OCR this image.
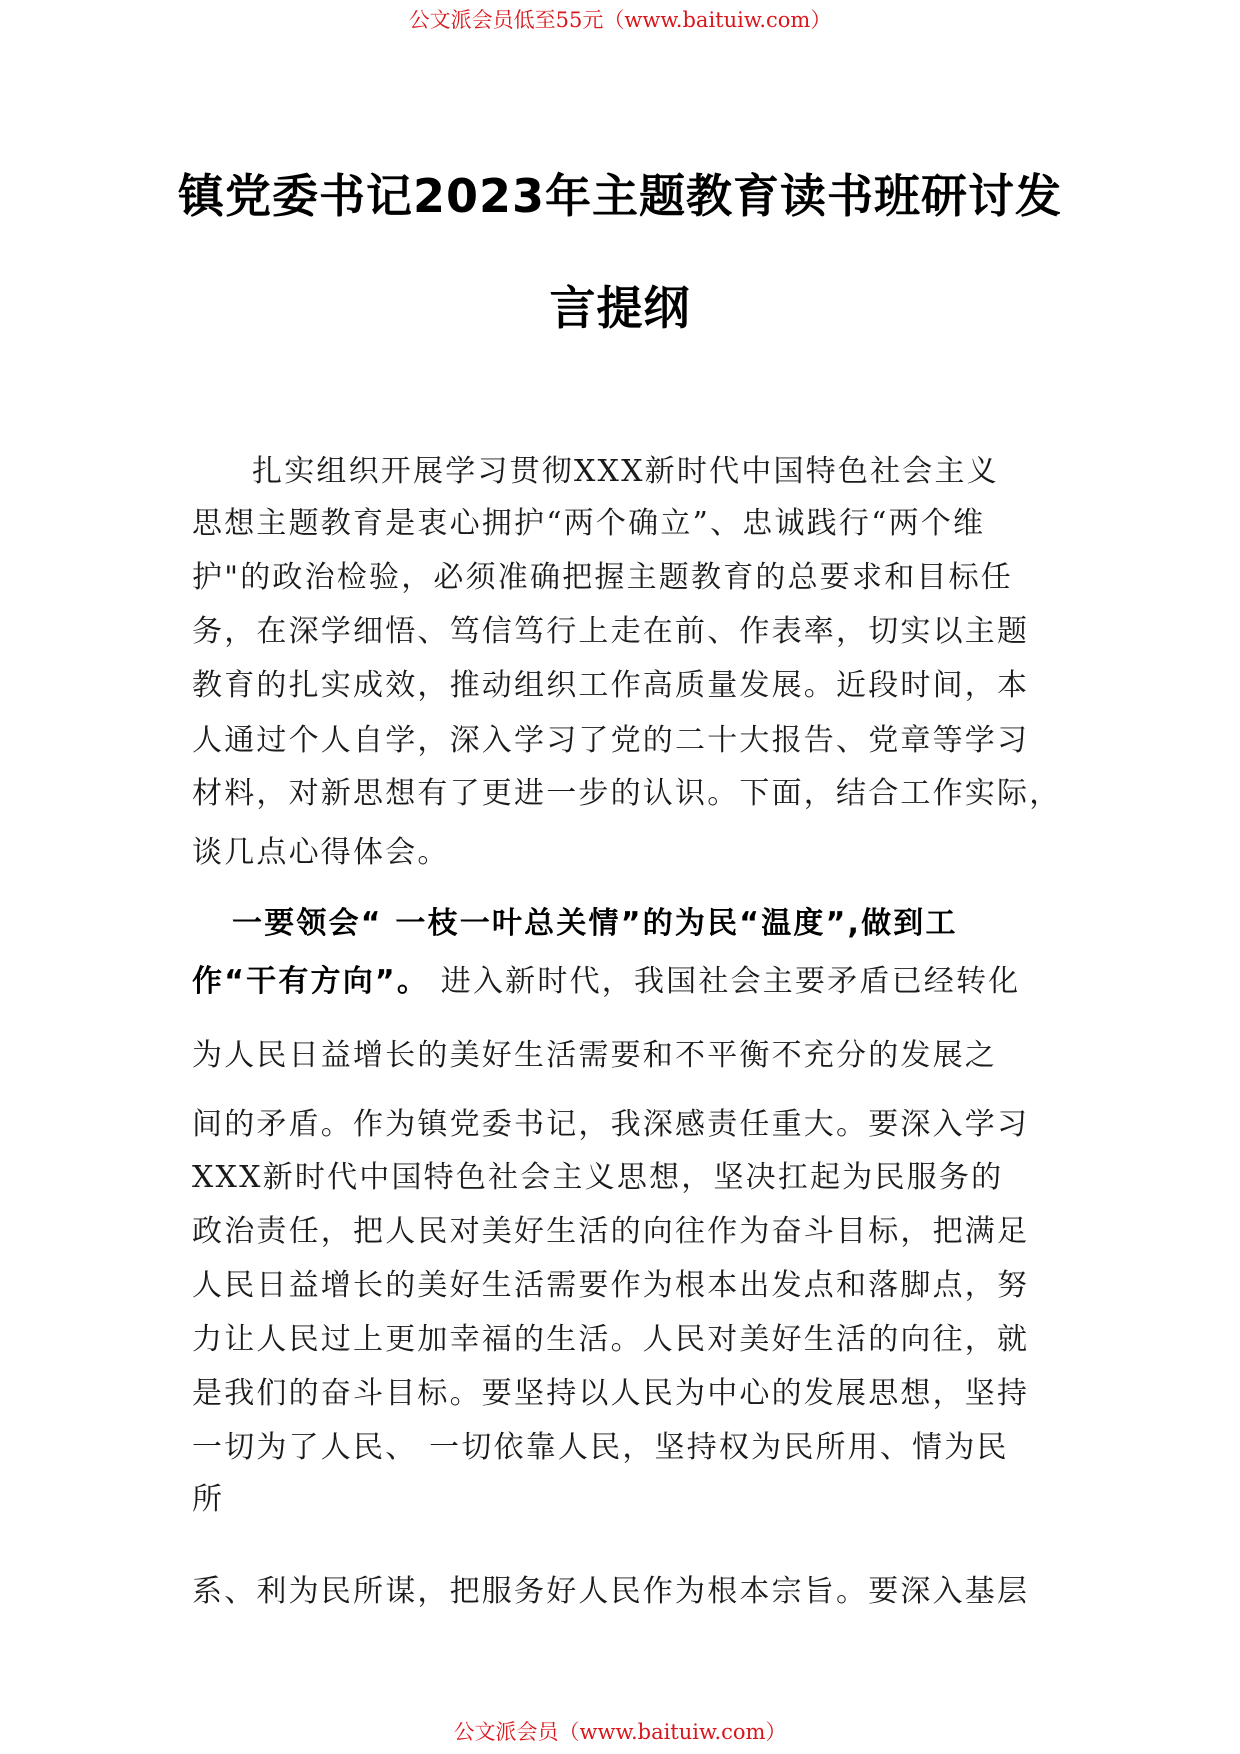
公文派会员低至55元（www.baituiw.com）
镇党委书记2023年主题教育读书班研讨发
言提纲
扎实组织开展学习贯彻XXX新时代中国特色社会主义
思想主题教育是衷心拥护“两个确立”、忠诚践行“两个维
护"的政治检验，必须准确把握主题教育的总要求和目标任
务，在深学细悟、笃信笃行上走在前、作表率，切实以主题
教育的扎实成效，推动组织工作高质量发展。近段时间，本
人通过个人自学，深入学习了党的二十大报告、党章等学习
材料，对新思想有了更进一步的认识。下面，结合工作实际，
谈几点心得体会。
一要领会“ 一枝一叶总关情”的为民“温度”,做到工
作“干有方向”。 进入新时代，我国社会主要矛盾已经转化
为人民日益增长的美好生活需要和不平衡不充分的发展之
间的矛盾。作为镇党委书记，我深感责任重大。要深入学习
XXX新时代中国特色社会主义思想，坚决扛起为民服务的
政治责任，把人民对美好生活的向往作为奋斗目标，把满足
人民日益增长的美好生活需要作为根本出发点和落脚点，努
力让人民过上更加幸福的生活。人民对美好生活的向往，就
是我们的奋斗目标。要坚持以人民为中心的发展思想，坚持
一切为了人民、 一切依靠人民，坚持权为民所用、情为民
所
系、利为民所谋，把服务好人民作为根本宗旨。要深入基层
公文派会员（www.baituiw.com）
